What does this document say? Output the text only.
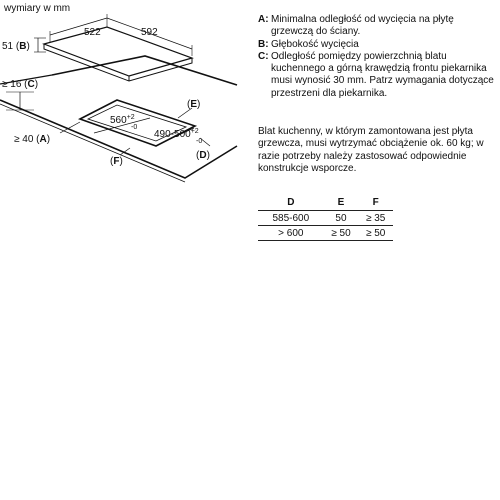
wymiary w mm
522	592
51 (B)
≥ 16 (C)
≥ 40 (A)
$560^{+2}$
-0
$490-500^{+2}$
-0
(E)
(D)
(F)
A: Minimalna odległość od wycięcia na płytę grzewczą do ściany.
B: Głębokość wycięcia
C: Odległość pomiędzy powierzchnią blatu kuchennego a górną krawędzią frontu piekarnika musi wynosić 30 mm. Patrz wymagania dotyczące przestrzeni dla piekarnika.
Blat kuchenny, w którym zamontowana jest płyta grzewcza, musi wytrzymać obciążenie ok. 60 kg; w razie potrzeby należy zastosować odpowiednie konstrukcje wsporcze.
D	E	F
585-600	50	≥ 35
> 600	≥ 50	≥ 50
